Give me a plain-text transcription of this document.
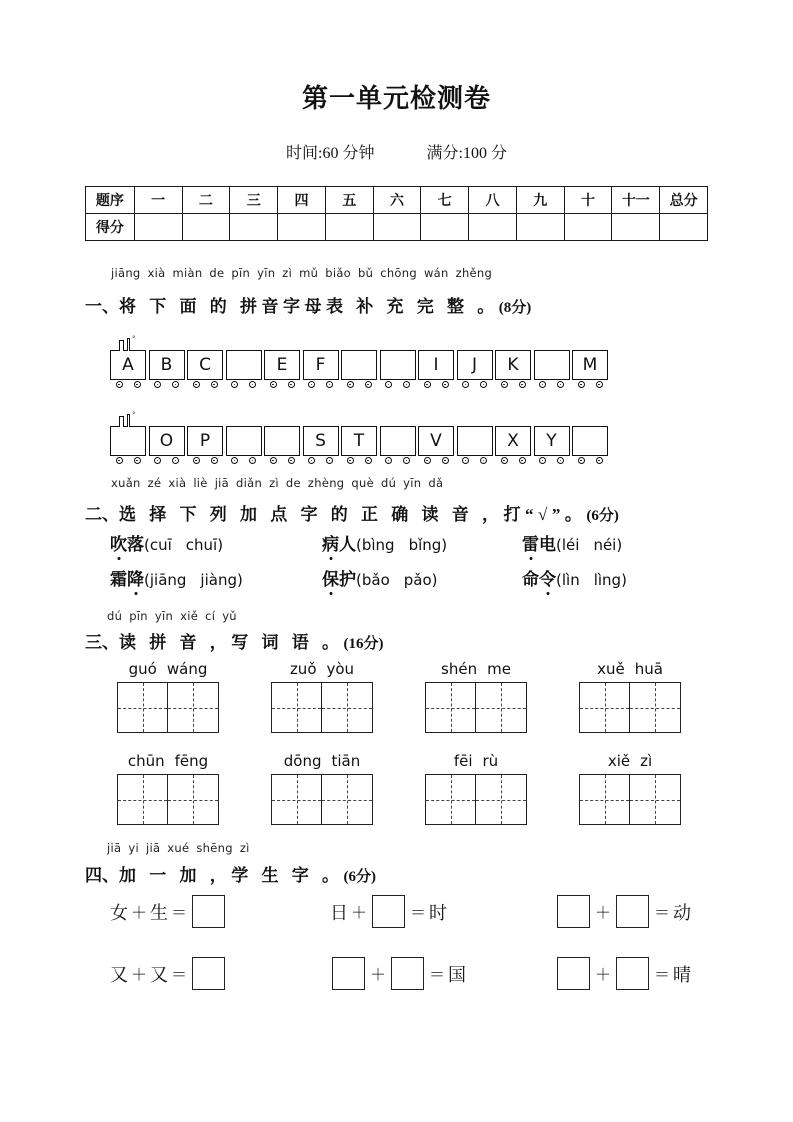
第一单元检测卷
时间:60 分钟	满分:100 分
题序	一	二	三	四	五	六	七	八	九	十	十一	总分
得分												
jiāng xià miàn de pīn yīn zì mǔ biǎo bǔ chōng wán zhěng
一、将 下 面 的 拼音字母表 补 充 完 整 。(8分)
A	B	C	E	F	I	J	K	M
°
O	P	S	T	V	X	Y
°
xuǎn zé xià liè jiā diǎn zì de zhèng què dú yīn dǎ
二、选 择 下 列 加 点 字 的 正 确 读 音 ，打“√”。(6分)
吹落(cuī chuī)	病人(bìng bǐng)	雷电(léi néi)
霜降(jiāng jiàng)	保护(bǎo pǎo)	命令(lìn lìng)
dú pīn yīn xiě cí yǔ
三、读 拼 音 ，写 词 语 。(16分)
guó wáng	zuǒ yòu	shén me	xuě huā
chūn fēng	dōng tiān	fēi rù	xiě zì
jiā yi jiā xué shēng zì
四、加 一 加 ，学 生 字 。(6分)
女 ＋ 生 ＝	日 ＋	＝ 时	＋	＝ 动
又 ＋ 又 ＝	＋	＝ 国	＋	＝ 晴
